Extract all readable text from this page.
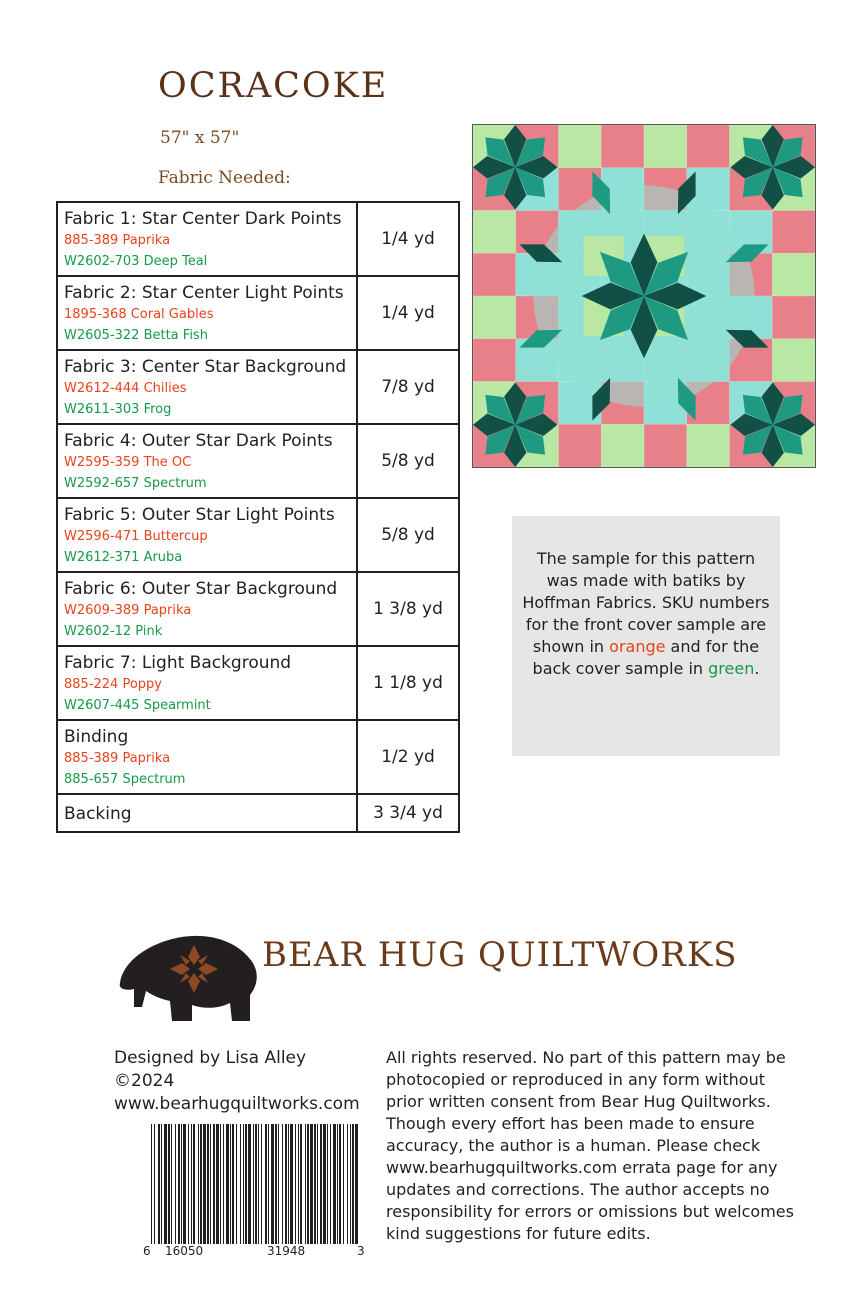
OCRACOKE
57" x 57"
Fabric Needed:
Fabric 1: Star Center Dark Points
885-389 Paprika
W2602-703 Deep Teal	1/4 yd

Fabric 2: Star Center Light Points
1895-368 Coral Gables
W2605-322 Betta Fish	1/4 yd

Fabric 3: Center Star Background
W2612-444 Chilies
W2611-303 Frog	7/8 yd

Fabric 4: Outer Star Dark Points
W2595-359 The OC
W2592-657 Spectrum	5/8 yd

Fabric 5: Outer Star Light Points
W2596-471 Buttercup
W2612-371 Aruba	5/8 yd

Fabric 6: Outer Star Background
W2609-389 Paprika
W2602-12 Pink	1 3/8 yd

Fabric 7: Light Background
885-224 Poppy
W2607-445 Spearmint	1 1/8 yd

Binding
885-389 Paprika
885-657 Spectrum	1/2 yd

Backing	3 3/4 yd
The sample for this pattern was made with batiks by Hoffman Fabrics. SKU numbers for the front cover sample are shown in orange and for the back cover sample in green.
BEAR HUG QUILTWORKS
Designed by Lisa Alley
©2024
www.bearhugquiltworks.com
6 16050	31948	3
All rights reserved. No part of this pattern may be photocopied or reproduced in any form without prior written consent from Bear Hug Quiltworks. Though every effort has been made to ensure accuracy, the author is a human. Please check www.bearhugquiltworks.com errata page for any updates and corrections. The author accepts no responsibility for errors or omissions but welcomes kind suggestions for future edits.
